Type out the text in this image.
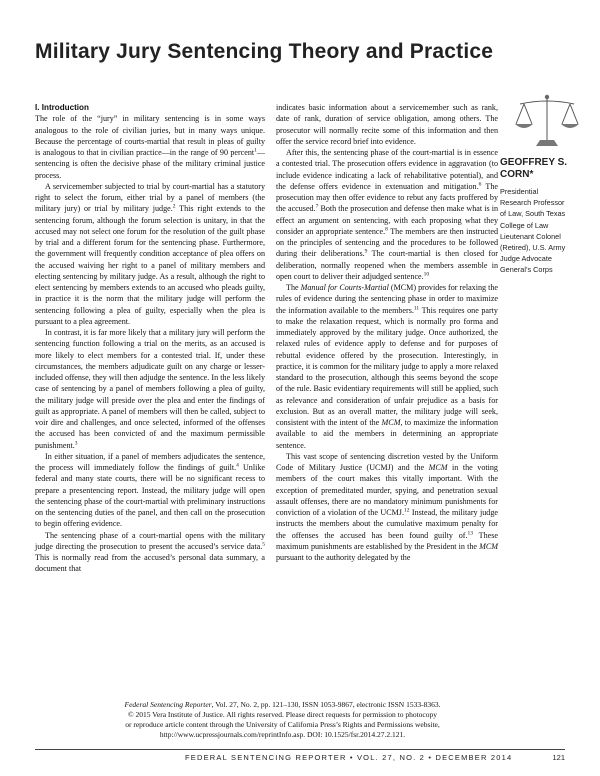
Military Jury Sentencing Theory and Practice

I. Introduction

The role of the “jury” in military sentencing is in some ways analogous to the role of civilian juries, but in many ways unique. Because the percentage of courts-martial that result in pleas of guilty is analogous to that in civilian practice—in the range of 90 percent$^1$—sentencing is often the decisive phase of the military criminal justice process.

A servicemember subjected to trial by court-martial has a statutory right to select the forum, either trial by a panel of members (the military jury) or trial by military judge.$^2$ This right extends to the sentencing forum, although the forum selection is unitary, in that the accused may not select one forum for the resolution of the guilt phase by trial and a different forum for the sentencing phase. Furthermore, the government will frequently condition acceptance of plea offers on the accused waiving her right to a panel of military members and electing sentencing by military judge. As a result, although the right to elect sentencing by members extends to an accused who pleads guilty, in practice it is the norm that the military judge will perform the sentencing following a plea of guilty, especially when the plea is pursuant to a plea agreement.

In contrast, it is far more likely that a military jury will perform the sentencing function following a trial on the merits, as an accused is more likely to elect members for a contested trial. If, under these circumstances, the members adjudicate guilt on any charge or lesser-included offense, they will then adjudge the sentence. In the less likely case of sentencing by a panel of members following a plea of guilty, the military judge will preside over the plea and enter the findings of guilt as appropriate. A panel of members will then be called, subject to voir dire and challenges, and once selected, informed of the offenses the accused has been convicted of and the maximum permissible punishment.$^3$

In either situation, if a panel of members adjudicates the sentence, the process will immediately follow the findings of guilt.$^4$ Unlike federal and many state courts, there will be no significant recess to prepare a presentencing report. Instead, the military judge will open the sentencing phase of the court-martial with preliminary instructions on the sentencing duties of the panel, and then call on the prosecution to begin offering evidence.

The sentencing phase of a court-martial opens with the military judge directing the prosecution to present the accused’s service data.$^5$ This is normally read from the accused’s personal data summary, a document that

indicates basic information about a servicemember such as rank, date of rank, duration of service obligation, among others. The prosecutor will normally recite some of this information and then offer the service record brief into evidence.

After this, the sentencing phase of the court-martial is in essence a contested trial. The prosecution offers evidence in aggravation (to include evidence indicating a lack of rehabilitative potential), and the defense offers evidence in extenuation and mitigation.$^6$ The prosecution may then offer evidence to rebut any facts proffered by the accused.$^7$ Both the prosecution and defense then make what is in effect an argument on sentencing, with each proposing what they consider an appropriate sentence.$^8$ The members are then instructed on the principles of sentencing and the procedures to be followed during their deliberations.$^9$ The court-martial is then closed for deliberation, normally reopened when the members assemble in open court to deliver their adjudged sentence.$^{10}$

The Manual for Courts-Martial (MCM) provides for relaxing the rules of evidence during the sentencing phase in order to maximize the information available to the members.$^{11}$ This requires one party to make the relaxation request, which is normally pro forma and immediately approved by the military judge. Once authorized, the relaxed rules of evidence apply to defense and for purposes of rebuttal evidence offered by the prosecution. Interestingly, in practice, it is common for the military judge to apply a more relaxed standard to the prosecution, although this seems beyond the scope of the rule. Basic evidentiary requirements will still be applied, such as relevance and consideration of unfair prejudice as a basis for exclusion. But as an overall matter, the military judge will seek, consistent with the intent of the MCM, to maximize the information available to aid the members in determining an appropriate sentence.

This vast scope of sentencing discretion vested by the Uniform Code of Military Justice (UCMJ) and the MCM in the voting members of the court makes this vitally important. With the exception of premeditated murder, spying, and penetration sexual assault offenses, there are no mandatory minimum punishments for conviction of a violation of the UCMJ.$^{12}$ Instead, the military judge instructs the members about the cumulative maximum penalty for the offenses the accused has been found guilty of.$^{13}$ These maximum punishments are established by the President in the MCM pursuant to the authority delegated by the

GEOFFREY S. CORN*

Presidential
Research Professor
of Law, South Texas
College of Law
Lieutenant Colonel
(Retired), U.S. Army
Judge Advocate
General’s Corps

Federal Sentencing Reporter, Vol. 27, No. 2, pp. 121–130, ISSN 1053-9867, electronic ISSN 1533-8363.
© 2015 Vera Institute of Justice. All rights reserved. Please direct requests for permission to photocopy
or reproduce article content through the University of California Press’s Rights and Permissions website,
http://www.ucpressjournals.com/reprintInfo.asp. DOI: 10.1525/fsr.2014.27.2.121.
FEDERAL SENTENCING REPORTER • VOL. 27, NO. 2 • DECEMBER 2014	121
